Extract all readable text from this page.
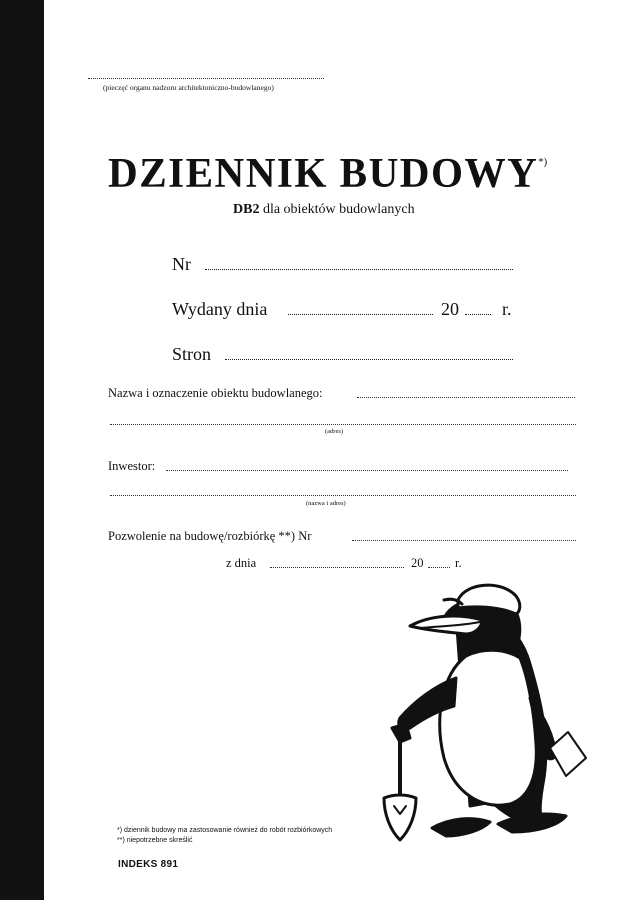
(pieczęć organu nadzoru architektoniczno-budowlanego)
DZIENNIK BUDOWY*)
DB2 dla obiektów budowlanych
Nr
Wydany dnia	20 r.
Stron
Nazwa i oznaczenie obiektu budowlanego:
(adres)
Inwestor:
(nazwa i adres)
Pozwolenie na budowę/rozbiórkę **) Nr
z dnia	20	r.
*) dziennik budowy ma zastosowanie również do robót rozbiórkowych
**) niepotrzebne skreślić
INDEKS 891
